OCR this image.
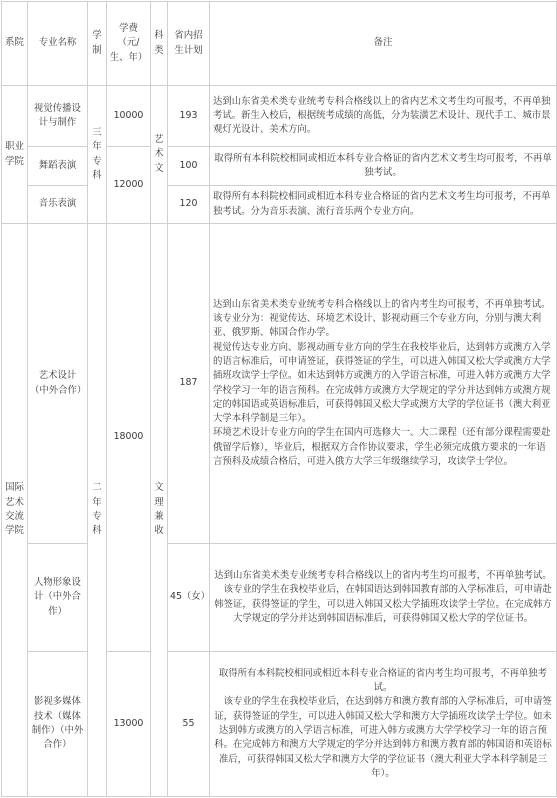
系院	专业名称	学制	学费（元/生、年）	科类	省内招生计划	备注
职业学院	视觉传播设计与制作	三年专科	10000	艺术文	193	达到山东省美术类专业统考专科合格线以上的省内艺术文考生均可报考，不再单独考试。新生入校后，根据统考成绩的高低，分为装潢艺术设计、现代手工、城市景观灯光设计、美术方向。

	舞蹈表演		12000		100	取得所有本科院校相同或相近本科专业合格证的省内艺术文考生均可报考，不再单独考试。

	音乐表演				120	取得所有本科院校相同或相近本科专业合格证的省内艺术文考生均可报考，不再单独考试。分为音乐表演、流行音乐两个专业方向。

国际艺术交流学院	艺术设计（中外合作）	二年专科	18000	文理兼收	187	达到山东省美术类专业统考专科合格线以上的省内考生均可报考，不再单独考试。

该专业分为：视觉传达、环境艺术设计、影视动画三个专业方向，分别与澳大利亚、俄罗斯、韩国合作办学。

视觉传达专业方向、影视动画专业方向的学生在我校毕业后，达到韩方或澳方入学的语言标准后，可申请签证，获得签证的学生，可以进入韩国又松大学或澳方大学插班攻读学士学位。如未达到韩方或澳方的入学语言标准，可进入韩方或澳方大学学校学习一年的语言预科。在完成韩方或澳方大学规定的学分并达到韩方或澳方规定的韩国语或英语标准后，可获得韩国又松大学或澳方大学的学位证书（澳大利亚大学本科学制是三年）。

环境艺术设计专业方向的学生在国内可选修大一、大二课程（还有部分课程需要赴俄留学后修），毕业后，根据双方合作协议要求，学生必须完成俄方要求的一年语言预科及成绩合格后，可进入俄方大学三年级继续学习，攻读学士学位。

	人物形象设计（中外合作）				45（女）	达到山东省美术类专业统考专科合格线以上的省内考生均可报考，不再单独考试。

该专业的学生在我校毕业后，在韩国语达到韩国教育部的入学标准后，可申请赴韩签证，获得签证的学生，可以进入韩国又松大学插班攻读学士学位。在完成韩方大学规定的学分并达到韩国语标准后，可获得韩国又松大学的学位证书。

	影视多媒体技术（媒体制作）（中外合作）		13000		55	取得所有本科院校相同或相近本科专业合格证的省内考生均可报考，不再单独考试。

该专业的学生在我校毕业后，在达到韩方和澳方教育部的入学标准后，可申请签证，获得签证的学生，可以进入韩国又松大学和澳方大学插班攻读学士学位。如未达到韩方或澳方的入学语言标准，可进入韩方或澳方大学学校学习一年的语言预科。在完成韩方和澳方大学规定的学分并达到韩方和澳方教育部的韩国语和英语标准后，可获得韩国又松大学和澳方大学的学位证书（澳大利亚大学本科学制是三年）。
